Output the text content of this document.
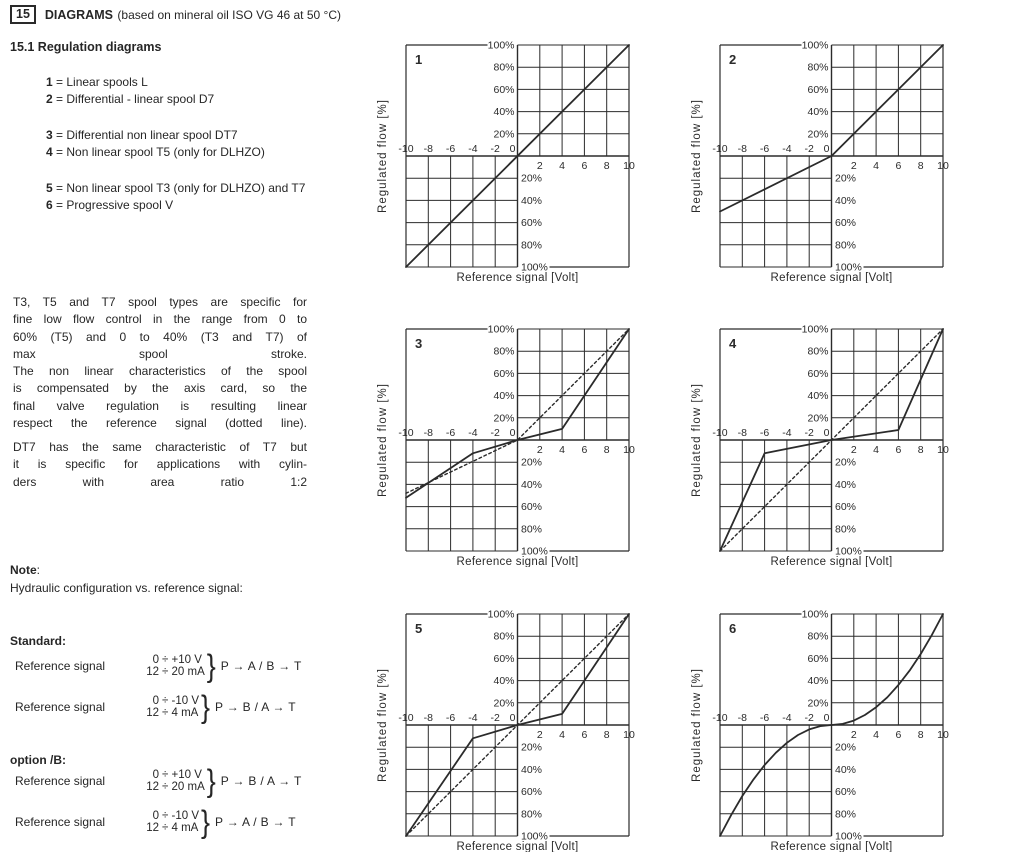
15	DIAGRAMS (based on mineral oil ISO VG 46 at 50 °C)
15.1 Regulation diagrams
1 = Linear spools L
2 = Differential - linear spool D7
3 = Differential non linear spool DT7
4 = Non linear spool T5 (only for DLHZO)
5 = Non linear spool T3 (only for DLHZO) and T7
6 = Progressive spool V
T3, T5 and T7 spool types are specific for
fine low flow control in the range from 0 to
60% (T5) and 0 to 40% (T3 and T7) of
max spool stroke.
The non linear characteristics of the spool
is compensated by the axis card, so the
final valve regulation is resulting linear
respect the reference signal (dotted line).
DT7 has the same characteristic of T7 but
it is specific for applications with cylin-
ders with area ratio 1:2
Note:
Hydraulic configuration vs. reference signal:
Standard:
Reference signal	0 ÷ +10 V
12 ÷ 20 mA } P → A / B → T
Reference signal	0 ÷ -10 V
12 ÷ 4 mA } P → B / A → T
option /B:
Reference signal	0 ÷ +10 V
12 ÷ 20 mA } P → B / A → T
Reference signal	0 ÷ -10 V
12 ÷ 4 mA } P → A / B → T
100%
80%
60%
40%
20%
20%
40%
60%
80%
100%
-10 -8 -6 -4 -2 0
2 4 6 8 10
1
Reference signal [Volt]
Regulated flow [%]
100%
80%
60%
40%
20%
20%
40%
60%
80%
100%
-10 -8 -6 -4 -2 0
2 4 6 8 10
2
Reference signal [Volt]
Regulated flow [%]
100%
80%
60%
40%
20%
20%
40%
60%
80%
100%
-10 -8 -6 -4 -2 0
2 4 6 8 10
3
Reference signal [Volt]
Regulated flow [%]
100%
80%
60%
40%
20%
20%
40%
60%
80%
100%
-10 -8 -6 -4 -2 0
2 4 6 8 10
4
Reference signal [Volt]
Regulated flow [%]
100%
80%
60%
40%
20%
20%
40%
60%
80%
100%
-10 -8 -6 -4 -2 0
2 4 6 8 10
5
Reference signal [Volt]
Regulated flow [%]
100%
80%
60%
40%
20%
20%
40%
60%
80%
100%
-10 -8 -6 -4 -2 0
2 4 6 8 10
6
Reference signal [Volt]
Regulated flow [%]
